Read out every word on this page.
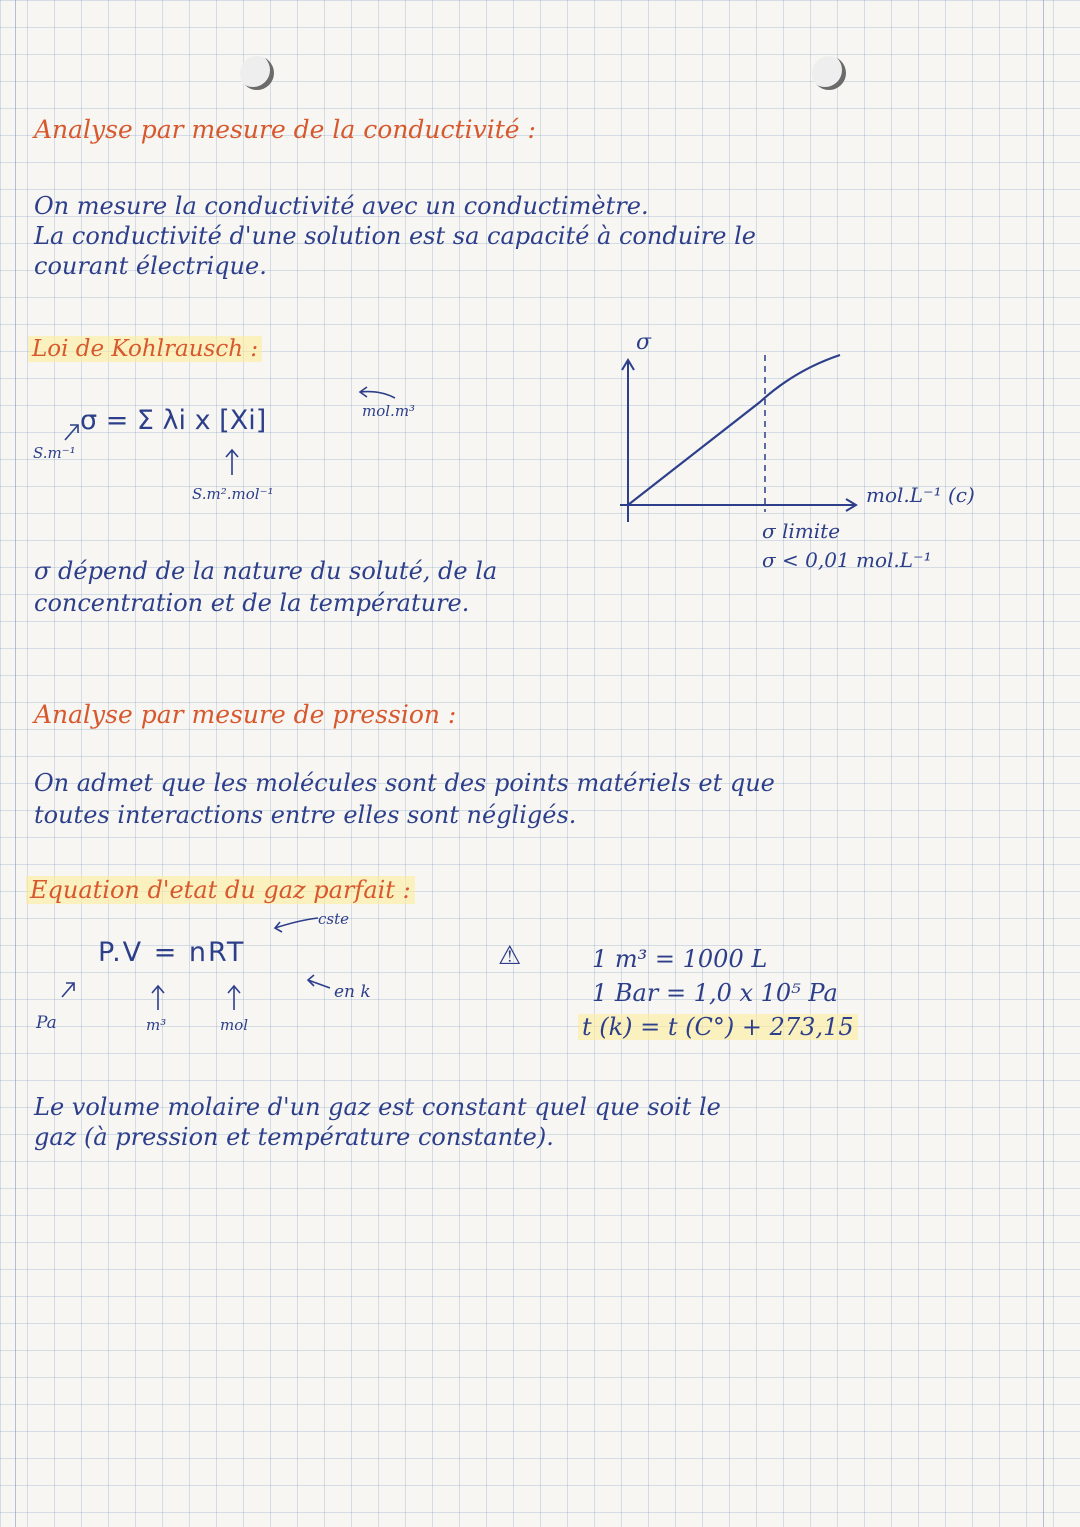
Analyse par mesure de la conductivité :
On mesure la conductivité avec un conductimètre.
La conductivité d'une solution est sa capacité à conduire le
courant électrique.
Loi de Kohlrausch :
σ = Σ λi x [Xi]	mol.m³
S.m⁻¹
S.m².mol⁻¹
σ dépend de la nature du soluté, de la
concentration et de la température.
σ
mol.L⁻¹ (c)
σ limite
σ < 0,01 mol.L⁻¹
Analyse par mesure de pression :
On admet que les molécules sont des points matériels et que
toutes interactions entre elles sont négligés.
Equation d'etat du gaz parfait :
cste
P.V = nRT
en k
Pa	m³	mol
⚠	1 m³ = 1000 L
1 Bar = 1,0 x 10⁵ Pa
t (k) = t (C°) + 273,15
Le volume molaire d'un gaz est constant quel que soit le
gaz (à pression et température constante).
